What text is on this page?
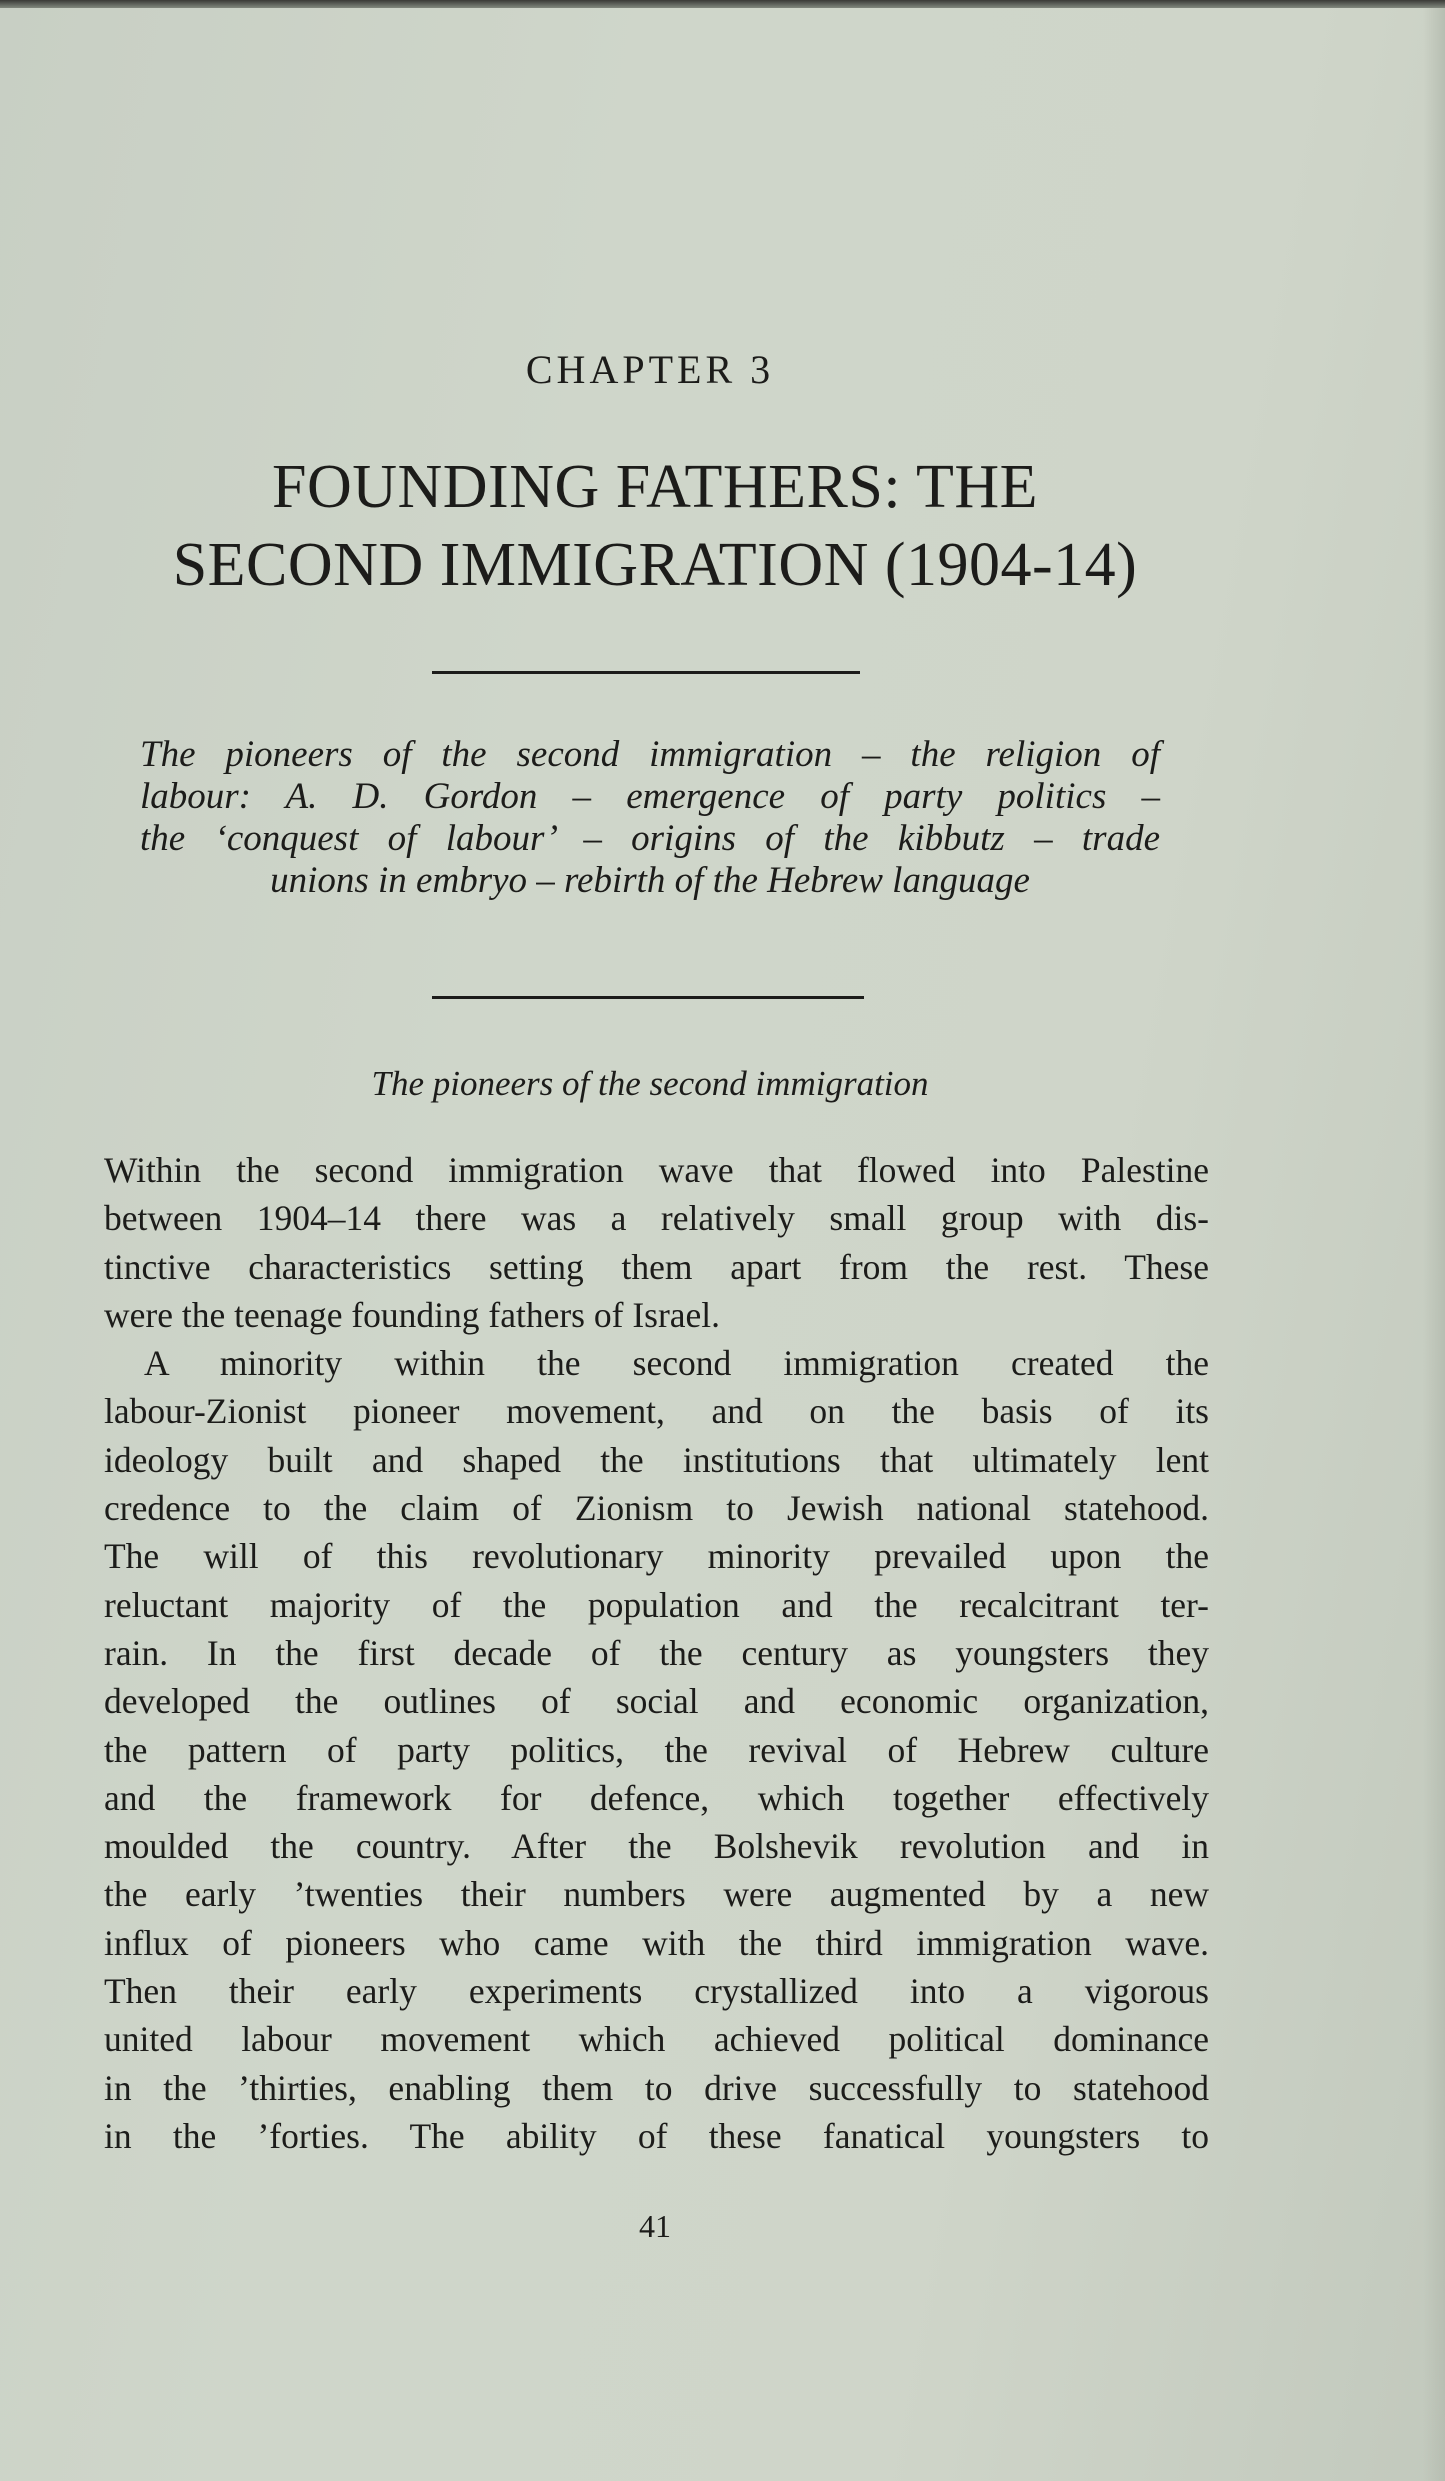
CHAPTER 3
FOUNDING FATHERS: THE
SECOND IMMIGRATION (1904-14)
The pioneers of the second immigration – the religion of
labour: A. D. Gordon – emergence of party politics –
the ‘conquest of labour’ – origins of the kibbutz – trade
unions in embryo – rebirth of the Hebrew language
The pioneers of the second immigration
Within the second immigration wave that flowed into Palestine
between 1904–14 there was a relatively small group with dis-
tinctive characteristics setting them apart from the rest. These
were the teenage founding fathers of Israel.
A minority within the second immigration created the
labour-Zionist pioneer movement, and on the basis of its
ideology built and shaped the institutions that ultimately lent
credence to the claim of Zionism to Jewish national statehood.
The will of this revolutionary minority prevailed upon the
reluctant majority of the population and the recalcitrant ter-
rain. In the first decade of the century as youngsters they
developed the outlines of social and economic organization,
the pattern of party politics, the revival of Hebrew culture
and the framework for defence, which together effectively
moulded the country. After the Bolshevik revolution and in
the early ’twenties their numbers were augmented by a new
influx of pioneers who came with the third immigration wave.
Then their early experiments crystallized into a vigorous
united labour movement which achieved political dominance
in the ’thirties, enabling them to drive successfully to statehood
in the ’forties. The ability of these fanatical youngsters to
41
